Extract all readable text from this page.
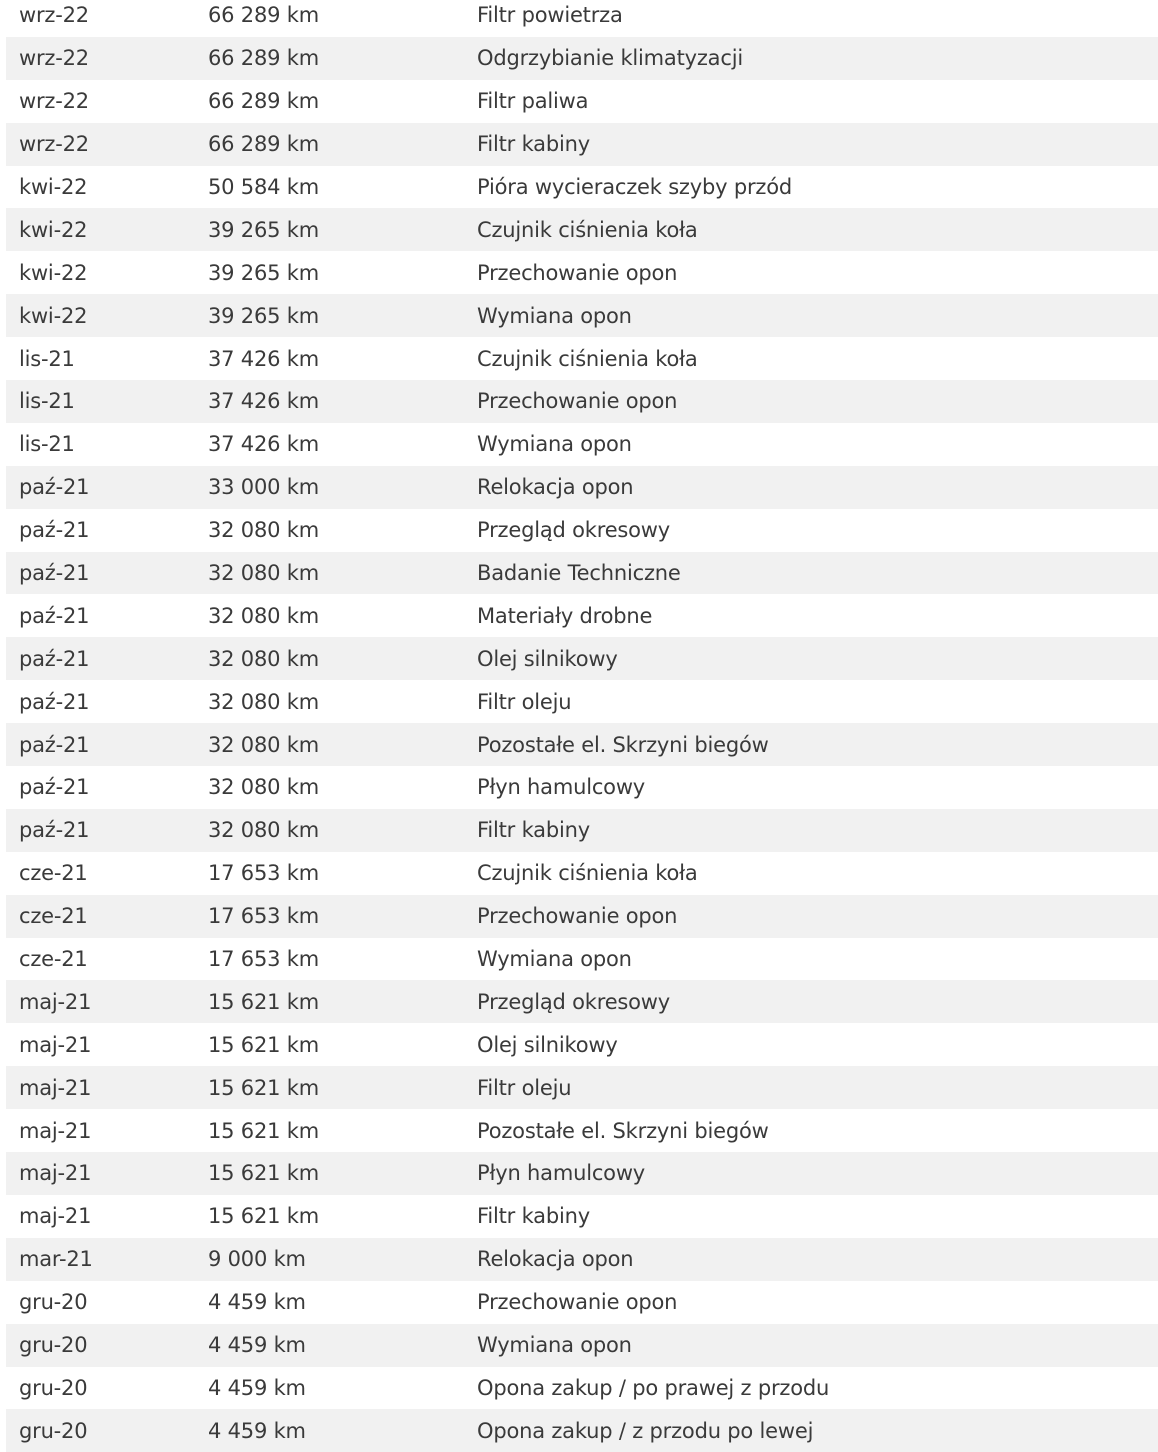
wrz-22	66 289 km	Filtr powietrza
wrz-22	66 289 km	Odgrzybianie klimatyzacji
wrz-22	66 289 km	Filtr paliwa
wrz-22	66 289 km	Filtr kabiny
kwi-22	50 584 km	Pióra wycieraczek szyby przód
kwi-22	39 265 km	Czujnik ciśnienia koła
kwi-22	39 265 km	Przechowanie opon
kwi-22	39 265 km	Wymiana opon
lis-21	37 426 km	Czujnik ciśnienia koła
lis-21	37 426 km	Przechowanie opon
lis-21	37 426 km	Wymiana opon
paź-21	33 000 km	Relokacja opon
paź-21	32 080 km	Przegląd okresowy
paź-21	32 080 km	Badanie Techniczne
paź-21	32 080 km	Materiały drobne
paź-21	32 080 km	Olej silnikowy
paź-21	32 080 km	Filtr oleju
paź-21	32 080 km	Pozostałe el. Skrzyni biegów
paź-21	32 080 km	Płyn hamulcowy
paź-21	32 080 km	Filtr kabiny
cze-21	17 653 km	Czujnik ciśnienia koła
cze-21	17 653 km	Przechowanie opon
cze-21	17 653 km	Wymiana opon
maj-21	15 621 km	Przegląd okresowy
maj-21	15 621 km	Olej silnikowy
maj-21	15 621 km	Filtr oleju
maj-21	15 621 km	Pozostałe el. Skrzyni biegów
maj-21	15 621 km	Płyn hamulcowy
maj-21	15 621 km	Filtr kabiny
mar-21	9 000 km	Relokacja opon
gru-20	4 459 km	Przechowanie opon
gru-20	4 459 km	Wymiana opon
gru-20	4 459 km	Opona zakup / po prawej z przodu
gru-20	4 459 km	Opona zakup / z przodu po lewej
